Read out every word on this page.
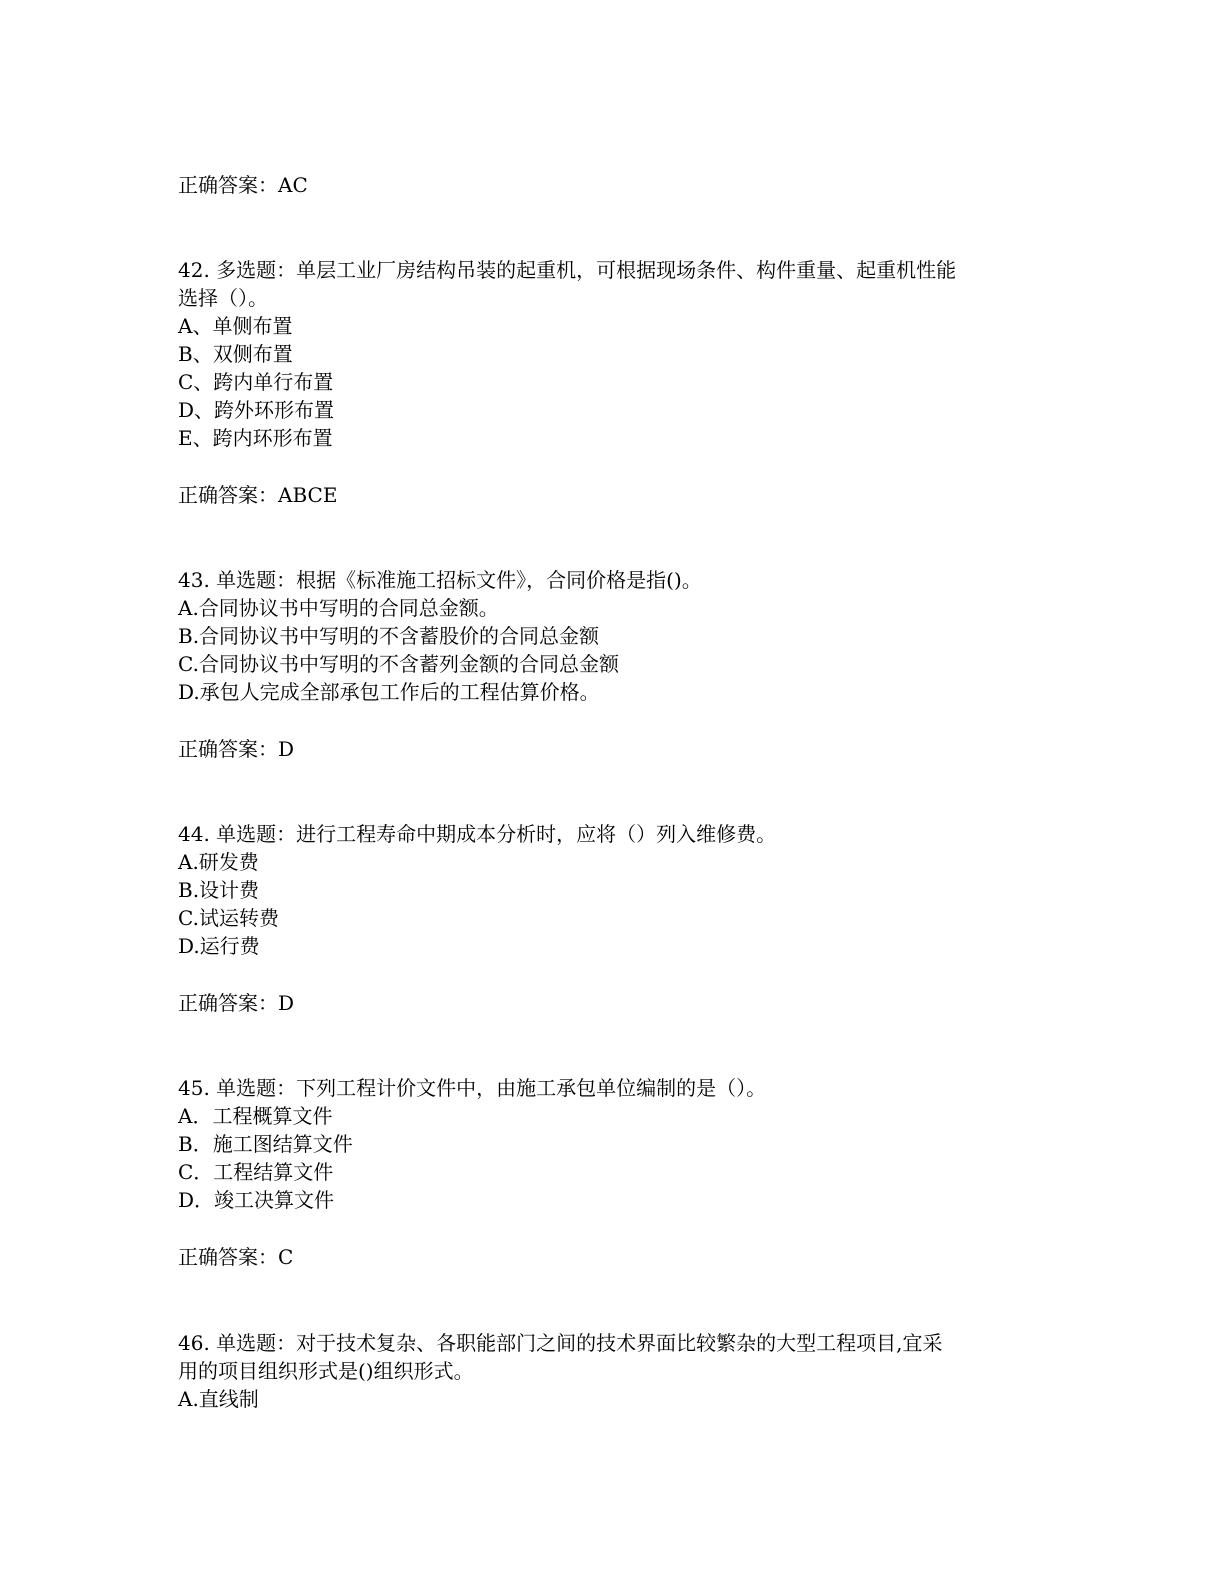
正确答案：AC
42. 多选题：单层工业厂房结构吊装的起重机，可根据现场条件、构件重量、起重机性能
选择（）。
A、单侧布置
B、双侧布置
C、跨内单行布置
D、跨外环形布置
E、跨内环形布置
正确答案：ABCE
43. 单选题：根据《标准施工招标文件》，合同价格是指()。
A.合同协议书中写明的合同总金额。
B.合同协议书中写明的不含蓄股价的合同总金额
C.合同协议书中写明的不含蓄列金额的合同总金额
D.承包人完成全部承包工作后的工程估算价格。
正确答案：D
44. 单选题：进行工程寿命中期成本分析时，应将（）列入维修费。
A.研发费
B.设计费
C.试运转费
D.运行费
正确答案：D
45. 单选题：下列工程计价文件中，由施工承包单位编制的是（）。
A．工程概算文件
B．施工图结算文件
C．工程结算文件
D．竣工决算文件
正确答案：C
46. 单选题：对于技术复杂、各职能部门之间的技术界面比较繁杂的大型工程项目,宜采
用的项目组织形式是()组织形式。
A.直线制
